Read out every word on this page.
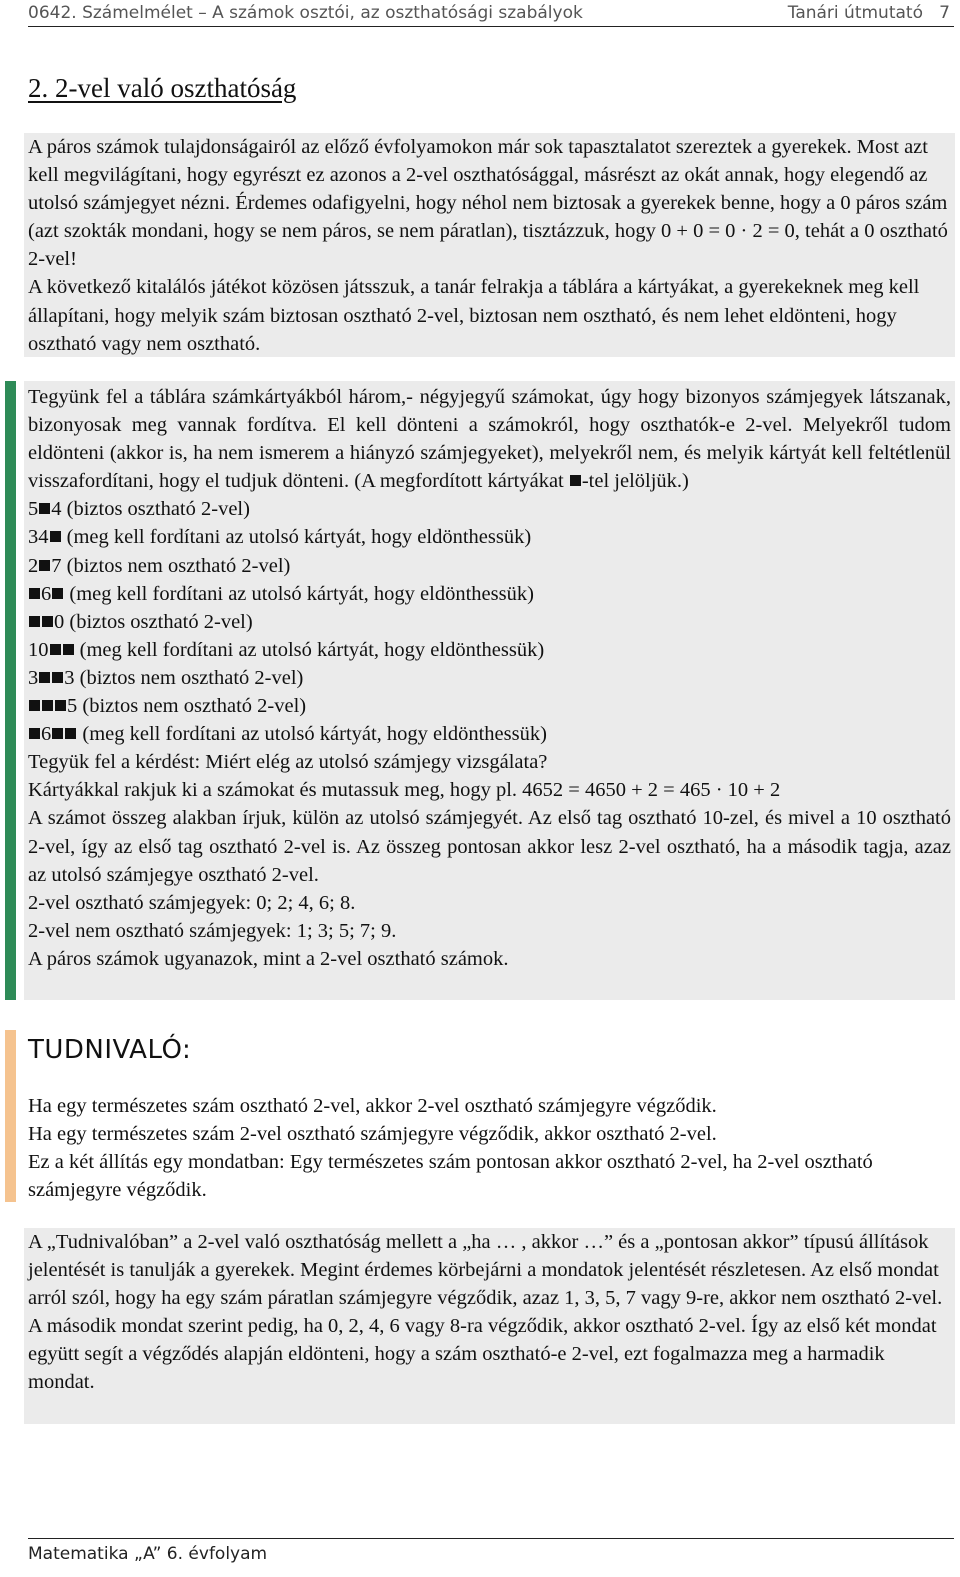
0642. Számelmélet – A számok osztói, az oszthatósági szabályok	Tanári útmutató   7
2. 2-vel való oszthatóság

A páros számok tulajdonságairól az előző évfolyamokon már sok tapasztalatot szereztek a gyerekek. Most azt kell megvilágítani, hogy egyrészt ez azonos a 2-vel oszthatósággal, másrészt az okát annak, hogy elegendő az utolsó számjegyet nézni. Érdemes odafigyelni, hogy néhol nem biztosak a gyerekek benne, hogy a 0 páros szám (azt szokták mondani, hogy se nem páros, se nem páratlan), tisztázzuk, hogy 0 + 0 = 0 · 2 = 0, tehát a 0 osztható 2-vel!
A következő kitalálós játékot közösen játsszuk, a tanár felrakja a táblára a kártyákat, a gyerekeknek meg kell állapítani, hogy melyik szám biztosan osztható 2-vel, biztosan nem osztható, és nem lehet eldönteni, hogy osztható vagy nem osztható.

Tegyünk fel a táblára számkártyákból három,- négyjegyű számokat, úgy hogy bizonyos számjegyek látszanak, bizonyosak meg vannak fordítva. El kell dönteni a számokról, hogy oszthatók-e 2-vel. Melyekről tudom eldönteni (akkor is, ha nem ismerem a hiányzó számjegyeket), melyekről nem, és melyik kártyát kell feltétlenül visszafordítani, hogy el tudjuk dönteni. (A megfordított kártyákat -tel jelöljük.)

5 4 (biztos osztható 2-vel)
34 (meg kell fordítani az utolsó kártyát, hogy eldönthessük)
2 7 (biztos nem osztható 2-vel)
6 (meg kell fordítani az utolsó kártyát, hogy eldönthessük)
0 (biztos osztható 2-vel)
10 (meg kell fordítani az utolsó kártyát, hogy eldönthessük)
3 3 (biztos nem osztható 2-vel)
5 (biztos nem osztható 2-vel)
6 (meg kell fordítani az utolsó kártyát, hogy eldönthessük)

Tegyük fel a kérdést: Miért elég az utolsó számjegy vizsgálata?

Kártyákkal rakjuk ki a számokat és mutassuk meg, hogy pl. 4652 = 4650 + 2 = 465 · 10 + 2

A számot összeg alakban írjuk, külön az utolsó számjegyét. Az első tag osztható 10-zel, és mivel a 10 osztható 2-vel, így az első tag osztható 2-vel is. Az összeg pontosan akkor lesz 2-vel osztható, ha a második tagja, azaz az utolsó számjegye osztható 2-vel.

2-vel osztható számjegyek: 0; 2; 4, 6; 8.

2-vel nem osztható számjegyek: 1; 3; 5; 7; 9.

A páros számok ugyanazok, mint a 2-vel osztható számok.

TUDNIVALÓ:

Ha egy természetes szám osztható 2-vel, akkor 2-vel osztható számjegyre végződik.

Ha egy természetes szám 2-vel osztható számjegyre végződik, akkor osztható 2-vel.

Ez a két állítás egy mondatban: Egy természetes szám pontosan akkor osztható 2-vel, ha 2-vel osztható számjegyre végződik.

A „Tudnivalóban” a 2-vel való oszthatóság mellett a „ha … , akkor …” és a „pontosan akkor” típusú állítások jelentését is tanulják a gyerekek. Megint érdemes körbejárni a mondatok jelentését részletesen. Az első mondat arról szól, hogy ha egy szám páratlan számjegyre végződik, azaz 1, 3, 5, 7 vagy 9-re, akkor nem osztható 2-vel. A második mondat szerint pedig, ha 0, 2, 4, 6 vagy 8-ra végződik, akkor osztható 2-vel. Így az első két mondat együtt segít a végződés alapján eldönteni, hogy a szám osztható-e 2-vel, ezt fogalmazza meg a harmadik mondat.

Matematika „A” 6. évfolyam
